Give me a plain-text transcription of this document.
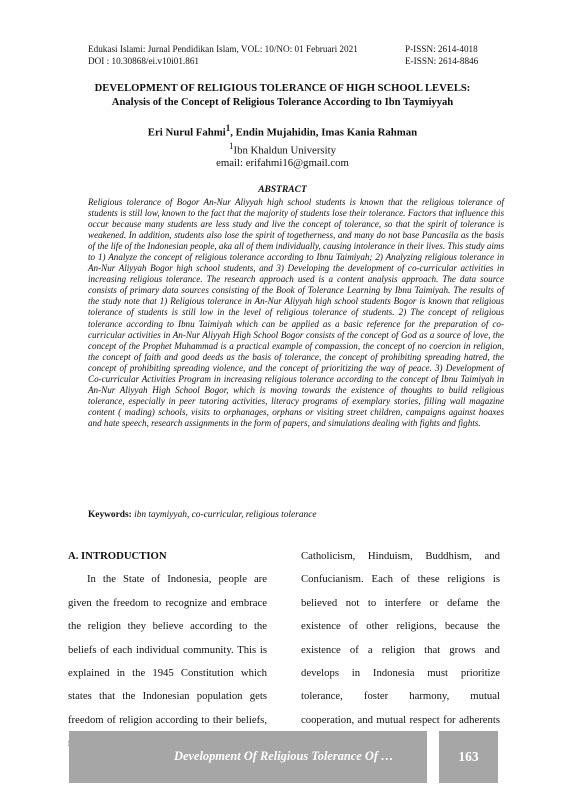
Edukasi Islami: Jurnal Pendidikan Islam, VOL: 10/NO: 01 Februari 2021
DOI : 10.30868/ei.v10i01.861
P-ISSN: 2614-4018
E-ISSN: 2614-8846
DEVELOPMENT OF RELIGIOUS TOLERANCE OF HIGH SCHOOL LEVELS:
Analysis of the Concept of Religious Tolerance According to Ibn Taymiyyah
Eri Nurul Fahmi$^1$, Endin Mujahidin, Imas Kania Rahman
$^1$Ibn Khaldun University
email: erifahmi16@gmail.com
ABSTRACT
Religious tolerance of Bogor An-Nur Aliyyah high school students is known that the religious tolerance of students is still low, known to the fact that the majority of students lose their tolerance. Factors that influence this occur because many students are less study and live the concept of tolerance, so that the spirit of tolerance is weakened. In addition, students also lose the spirit of togetherness, and many do not base Pancasila as the basis of the life of the Indonesian people, aka all of them individually, causing intolerance in their lives. This study aims to 1) Analyze the concept of religious tolerance according to Ibnu Taimiyah; 2) Analyzing religious tolerance in An-Nur Aliyyah Bogor high school students, and 3) Developing the development of co-curricular activities in increasing religious tolerance. The research approach used is a content analysis approach. The data source consists of primary data sources consisting of the Book of Tolerance Learning by Ibnu Taimiyah. The results of the study note that 1) Religious tolerance in An-Nur Aliyyah high school students Bogor is known that religious tolerance of students is still low in the level of religious tolerance of students. 2) The concept of religious tolerance according to Ibnu Taimiyah which can be applied as a basic reference for the preparation of co-curricular activities in An-Nur Aliyyah High School Bogor consists of the concept of God as a source of love, the concept of the Prophet Muhammad is a practical example of compassion, the concept of no coercion in religion, the concept of faith and good deeds as the basis of tolerance, the concept of prohibiting spreading hatred, the concept of prohibiting spreading violence, and the concept of prioritizing the way of peace. 3) Development of Co-curricular Activities Program in increasing religious tolerance according to the concept of Ibnu Taimiyah in An-Nur Aliyyah High School Bogor, which is moving towards the existence of thoughts to build religious tolerance, especially in peer tutoring activities, literacy programs of exemplary stories, filling wall magazine content ( mading) schools, visits to orphanages, orphans or visiting street children, campaigns against hoaxes and hate speech, research assignments in the form of papers, and simulations dealing with fights and fights.
Keywords: ibn taymiyyah, co-curricular, religious tolerance
A. INTRODUCTION
In the State of Indonesia, people are given the freedom to recognize and embrace the religion they believe according to the beliefs of each individual community. This is explained in the 1945 Constitution which states that the Indonesian population gets freedom of religion according to their beliefs,
Catholicism, Hinduism, Buddhism, and Confucianism. Each of these religions is believed not to interfere or defame the existence of other religions, because the existence of a religion that grows and develops in Indonesia must prioritize tolerance, foster harmony, mutual cooperation, and mutual respect for adherents
Development Of Religious Tolerance Of …	163
